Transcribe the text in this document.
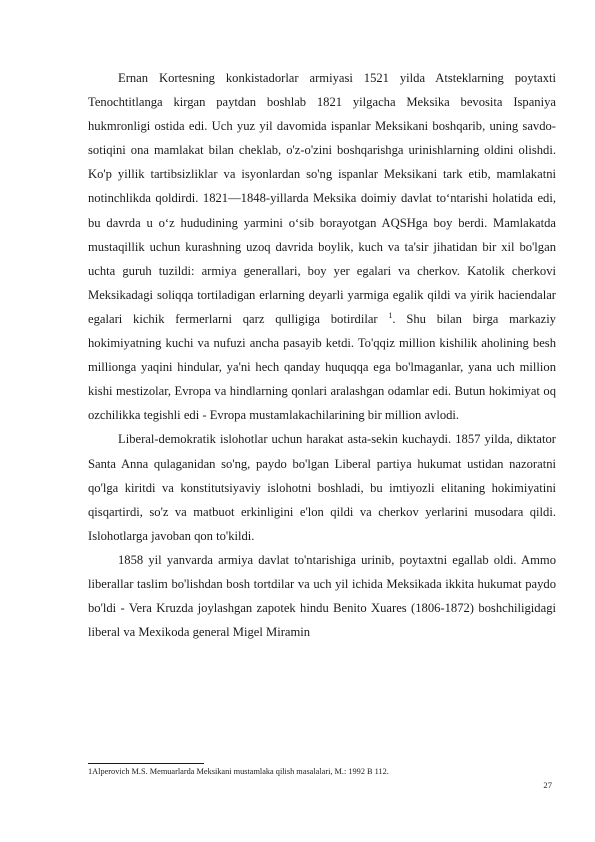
Ernan Kortesning konkistadorlar armiyasi 1521 yilda Atsteklarning poytaxti Tenochtitlanga kirgan paytdan boshlab 1821 yilgacha Meksika bevosita Ispaniya hukmronligi ostida edi. Uch yuz yil davomida ispanlar Meksikani boshqarib, uning savdo-sotiqini ona mamlakat bilan cheklab, o'z-o'zini boshqarishga urinishlarning oldini olishdi. Ko'p yillik tartibsizliklar va isyonlardan so'ng ispanlar Meksikani tark etib, mamlakatni notinchlikda qoldirdi. 1821—1848-yillarda Meksika doimiy davlat to‘ntarishi holatida edi, bu davrda u o‘z hududining yarmini o‘sib borayotgan AQSHga boy berdi. Mamlakatda mustaqillik uchun kurashning uzoq davrida boylik, kuch va ta'sir jihatidan bir xil bo'lgan uchta guruh tuzildi: armiya generallari, boy yer egalari va cherkov. Katolik cherkovi Meksikadagi soliqqa tortiladigan erlarning deyarli yarmiga egalik qildi va yirik haciendalar egalari kichik fermerlarni qarz qulligiga botirdilar $^1$. Shu bilan birga markaziy hokimiyatning kuchi va nufuzi ancha pasayib ketdi. To'qqiz million kishilik aholining besh millionga yaqini hindular, ya'ni hech qanday huquqqa ega bo'lmaganlar, yana uch million kishi mestizolar, Evropa va hindlarning qonlari aralashgan odamlar edi. Butun hokimiyat oq ozchilikka tegishli edi - Evropa mustamlakachilarining bir million avlodi.

Liberal-demokratik islohotlar uchun harakat asta-sekin kuchaydi. 1857 yilda, diktator Santa Anna qulaganidan so'ng, paydo bo'lgan Liberal partiya hukumat ustidan nazoratni qo'lga kiritdi va konstitutsiyaviy islohotni boshladi, bu imtiyozli elitaning hokimiyatini qisqartirdi, so'z va matbuot erkinligini e'lon qildi va cherkov yerlarini musodara qildi. Islohotlarga javoban qon to'kildi.

1858 yil yanvarda armiya davlat to'ntarishiga urinib, poytaxtni egallab oldi. Ammo liberallar taslim bo'lishdan bosh tortdilar va uch yil ichida Meksikada ikkita hukumat paydo bo'ldi - Vera Kruzda joylashgan zapotek hindu Benito Xuares (1806-1872) boshchiligidagi liberal va Mexikoda general Migel Miramin

1Alperovich M.S. Memuarlarda Meksikani mustamlaka qilish masalalari, M.: 1992 B 112.

27
